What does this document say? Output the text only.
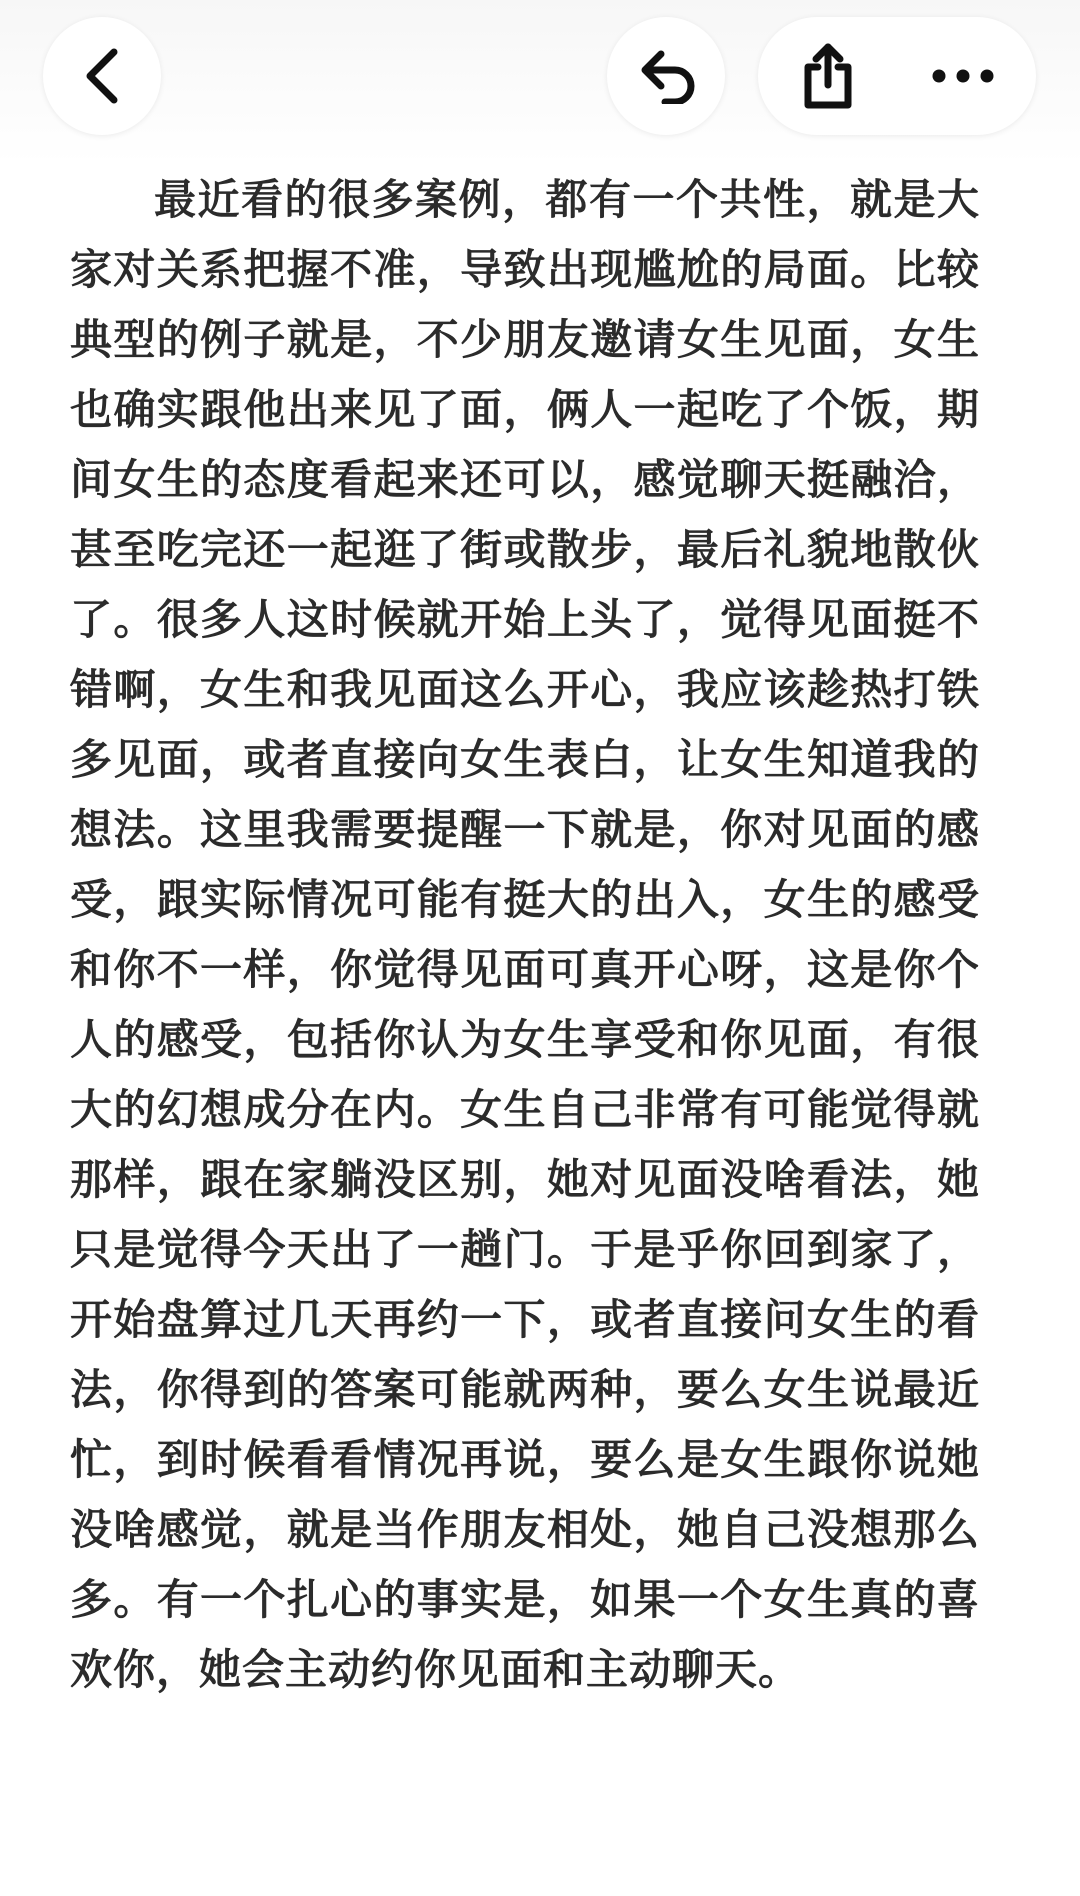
最近看的很多案例，都有一个共性，就是大家对关系把握不准，导致出现尴尬的局面。比较典型的例子就是，不少朋友邀请女生见面，女生也确实跟他出来见了面，俩人一起吃了个饭，期间女生的态度看起来还可以，感觉聊天挺融洽，甚至吃完还一起逛了街或散步，最后礼貌地散伙了。很多人这时候就开始上头了，觉得见面挺不错啊，女生和我见面这么开心，我应该趁热打铁多见面，或者直接向女生表白，让女生知道我的想法。这里我需要提醒一下就是，你对见面的感受，跟实际情况可能有挺大的出入，女生的感受和你不一样，你觉得见面可真开心呀，这是你个人的感受，包括你认为女生享受和你见面，有很大的幻想成分在内。女生自己非常有可能觉得就那样，跟在家躺没区别，她对见面没啥看法，她只是觉得今天出了一趟门。于是乎你回到家了，开始盘算过几天再约一下，或者直接问女生的看法，你得到的答案可能就两种，要么女生说最近忙，到时候看看情况再说，要么是女生跟你说她没啥感觉，就是当作朋友相处，她自己没想那么多。有一个扎心的事实是，如果一个女生真的喜欢你，她会主动约你见面和主动聊天。
